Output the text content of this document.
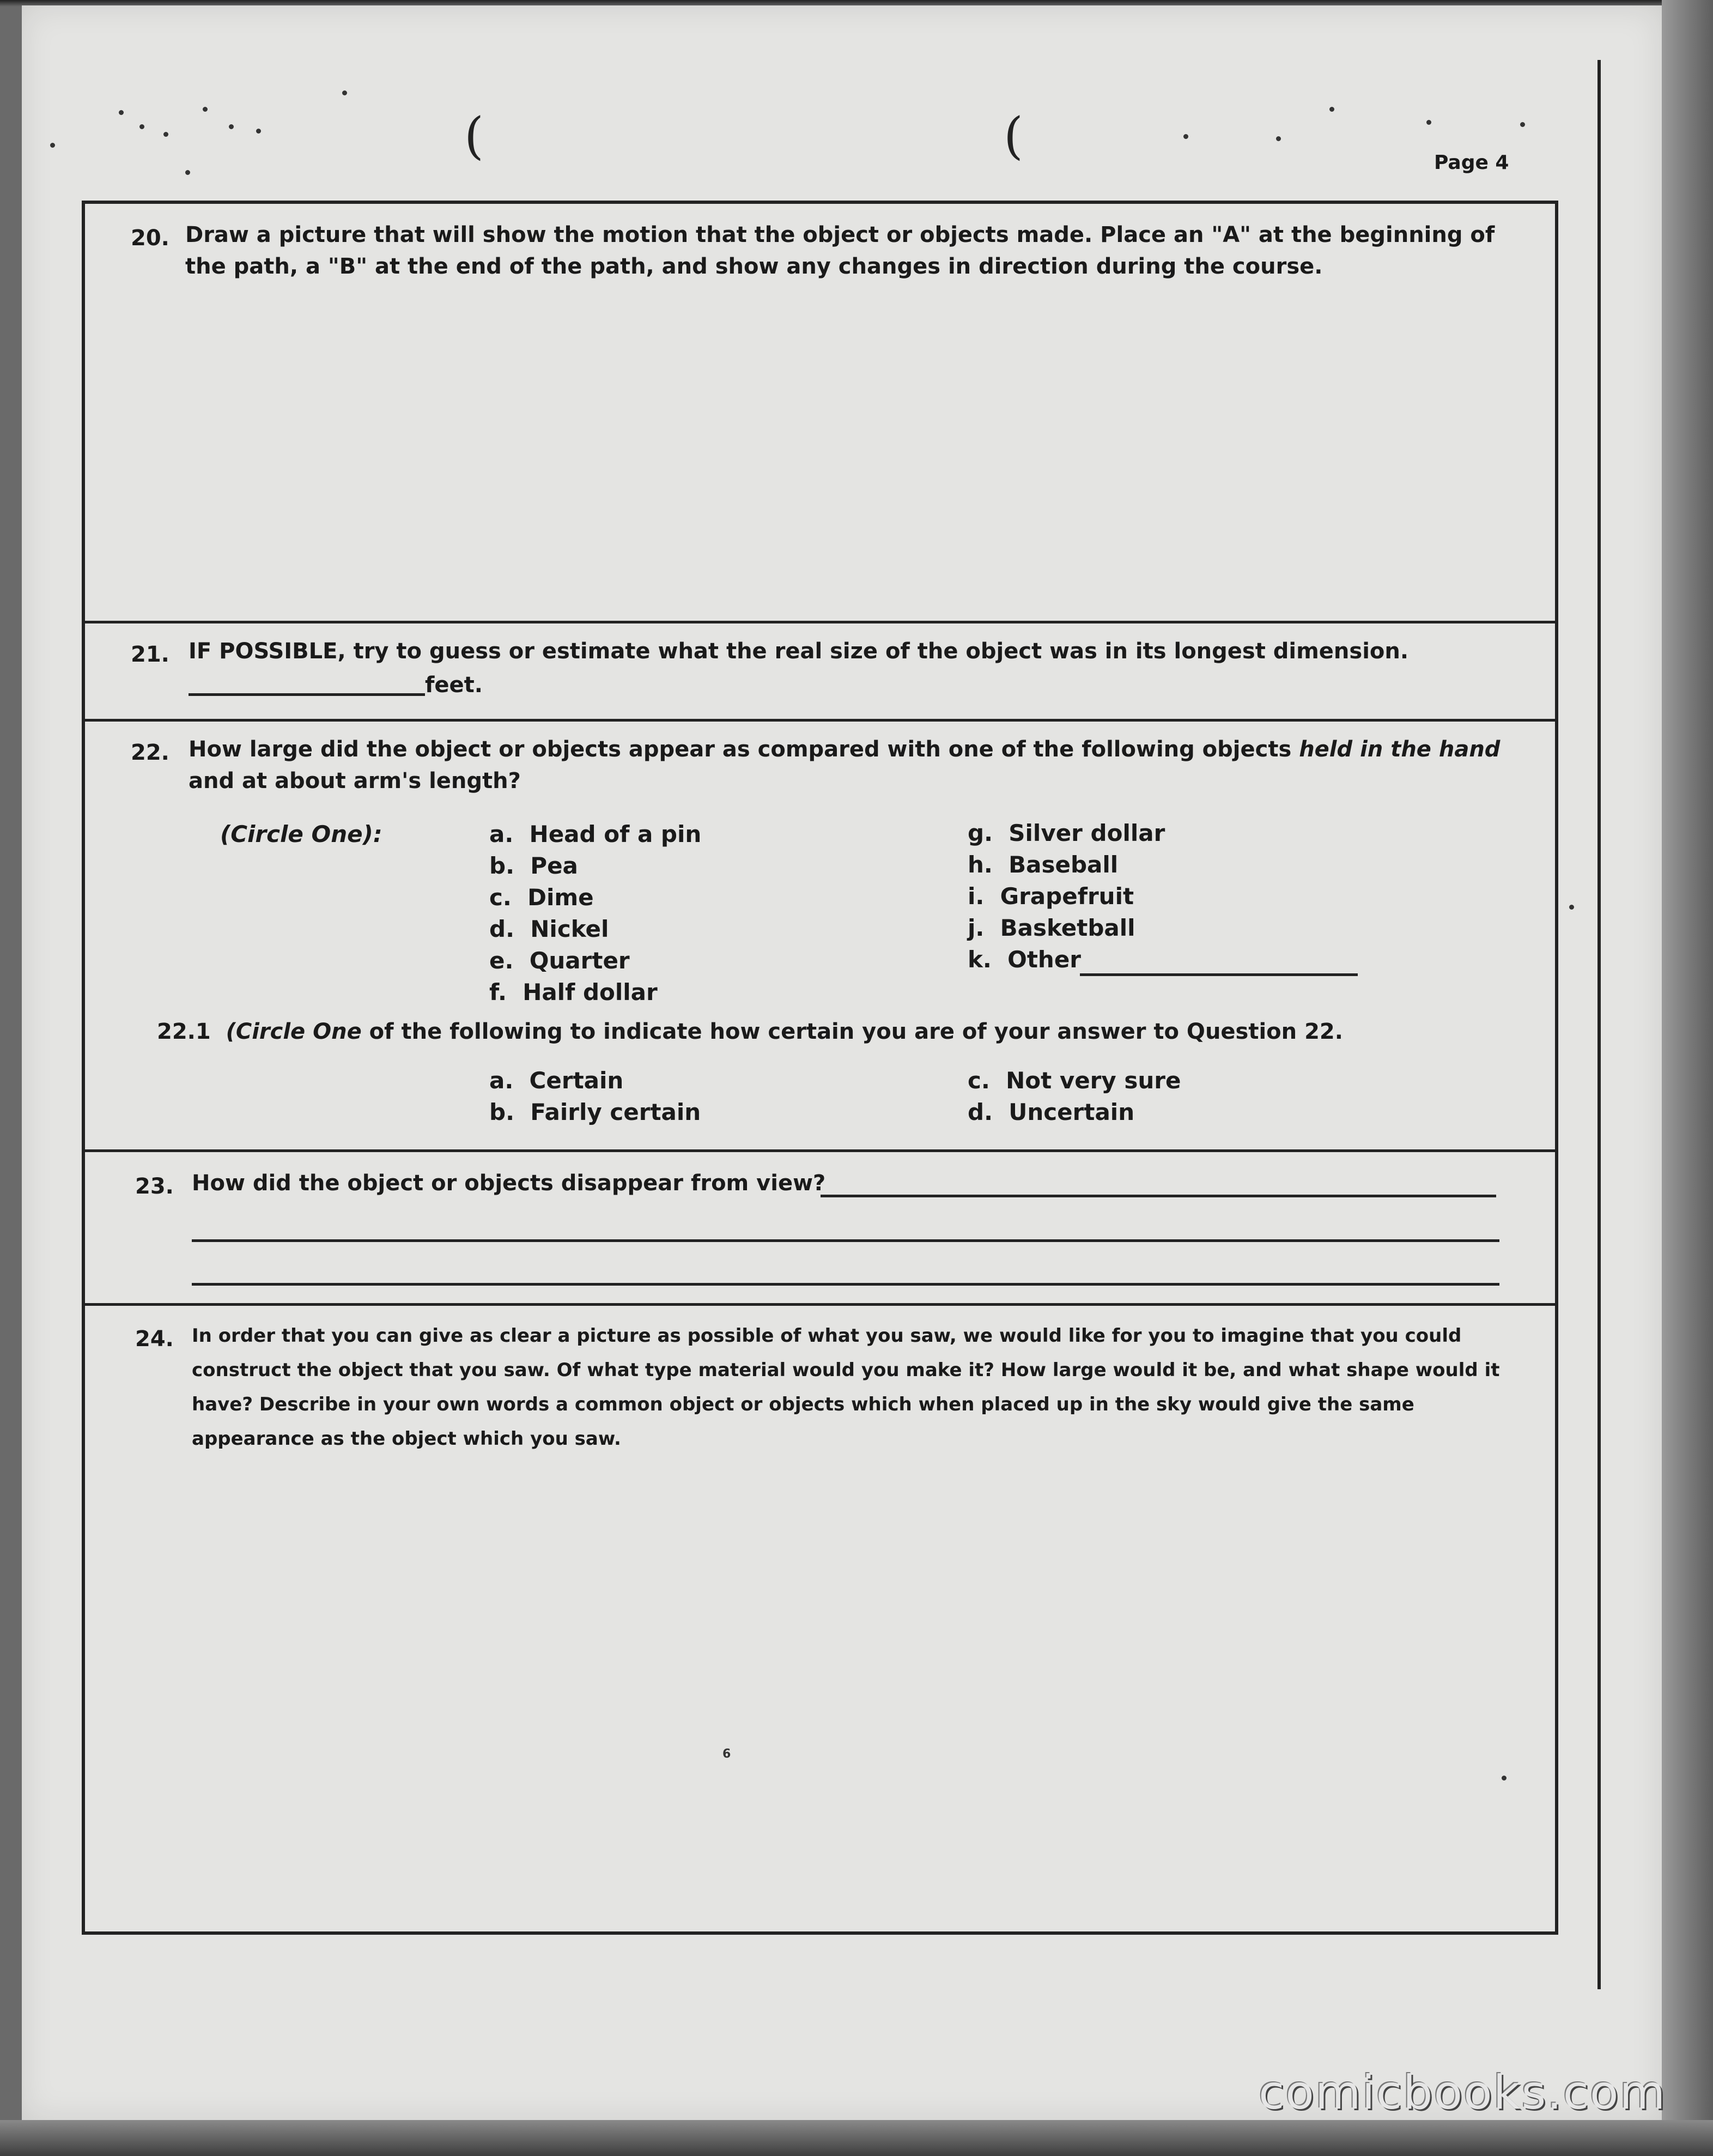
(	(	Page 4
20. Draw a picture that will show the motion that the object or objects made. Place an "A" at the beginning of the path, a "B" at the end of the path, and show any changes in direction during the course.
21. IF POSSIBLE, try to guess or estimate what the real size of the object was in its longest dimension.
feet.
22. How large did the object or objects appear as compared with one of the following objects held in the hand
and at about arm's length?
(Circle One):	a. Head of a pin
b. Pea
c. Dime
d. Nickel
e. Quarter
f. Half dollar
g. Silver dollar
h. Baseball
i. Grapefruit
j. Basketball
k. Other
22.1 (Circle One of the following to indicate how certain you are of your answer to Question 22.
a. Certain
b. Fairly certain
c. Not very sure
d. Uncertain
23. How did the object or objects disappear from view?
24. In order that you can give as clear a picture as possible of what you saw, we would like for you to imagine that you could construct the object that you saw. Of what type material would you make it? How large would it be, and what shape would it have? Describe in your own words a common object or objects which when placed up in the sky would give the same appearance as the object which you saw.
6
comicbooks.com
